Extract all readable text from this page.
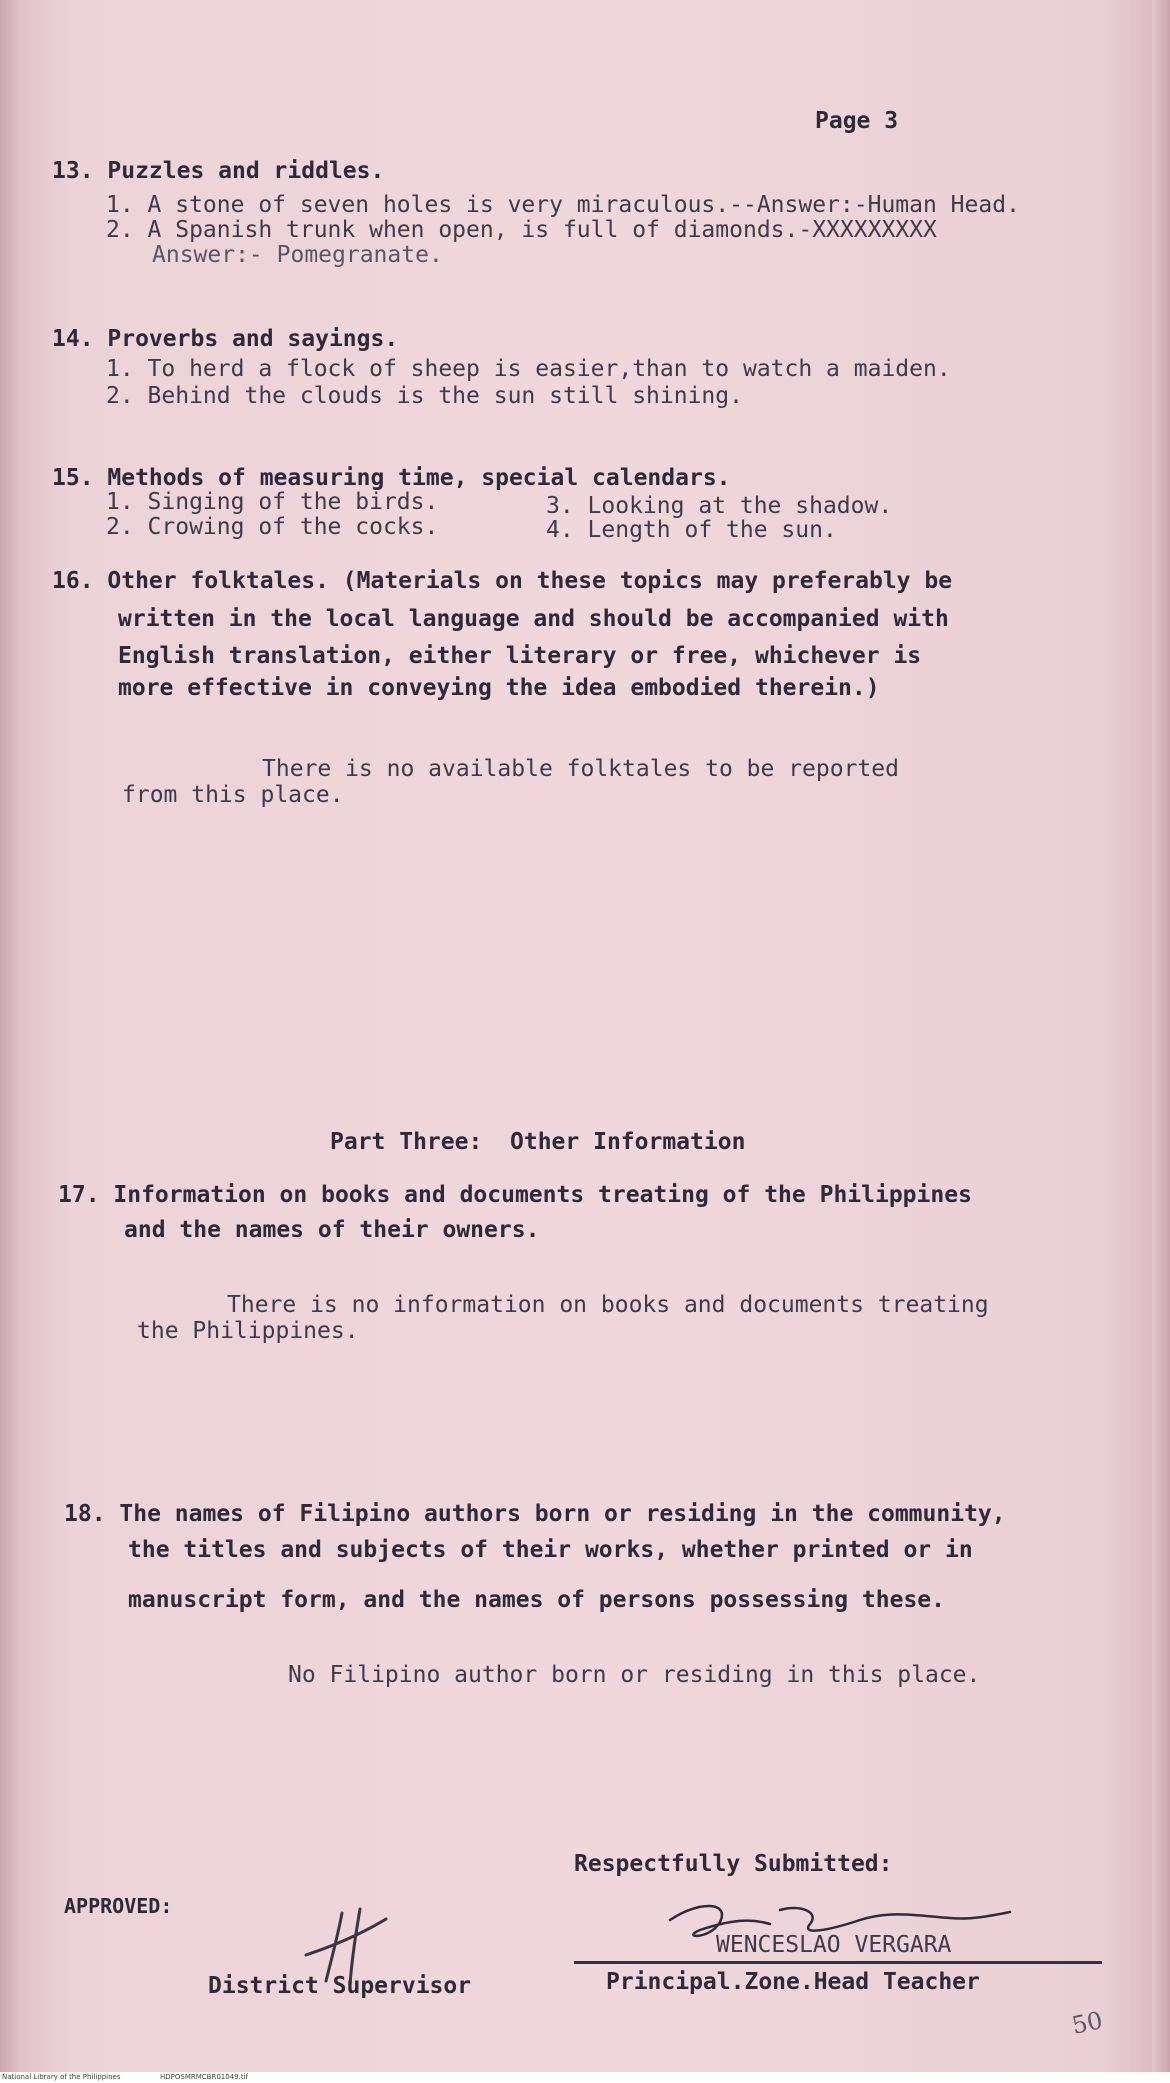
Page 3
13. Puzzles and riddles.
1. A stone of seven holes is very miraculous.--Answer:-Human Head.
2. A Spanish trunk when open, is full of diamonds.-XXXXXXXXX
Answer:- Pomegranate.
14. Proverbs and sayings.
1. To herd a flock of sheep is easier,than to watch a maiden.
2. Behind the clouds is the sun still shining.
15. Methods of measuring time, special calendars.
1. Singing of the birds.	3. Looking at the shadow.
2. Crowing of the cocks.	4. Length of the sun.
16. Other folktales. (Materials on these topics may preferably be
written in the local language and should be accompanied with
English translation, either literary or free, whichever is
more effective in conveying the idea embodied therein.)
There is no available folktales to be reported
from this place.
Part Three:  Other Information
17. Information on books and documents treating of the Philippines
and the names of their owners.
There is no information on books and documents treating
the Philippines.
18. The names of Filipino authors born or residing in the community,
the titles and subjects of their works, whether printed or in
manuscript form, and the names of persons possessing these.
No Filipino author born or residing in this place.
Respectfully Submitted:
APPROVED:
District Supervisor
WENCESLAO VERGARA
Principal.Zone.Head Teacher
50
National Library of the Philippines	HDPOSMRMCBR01049.tif
